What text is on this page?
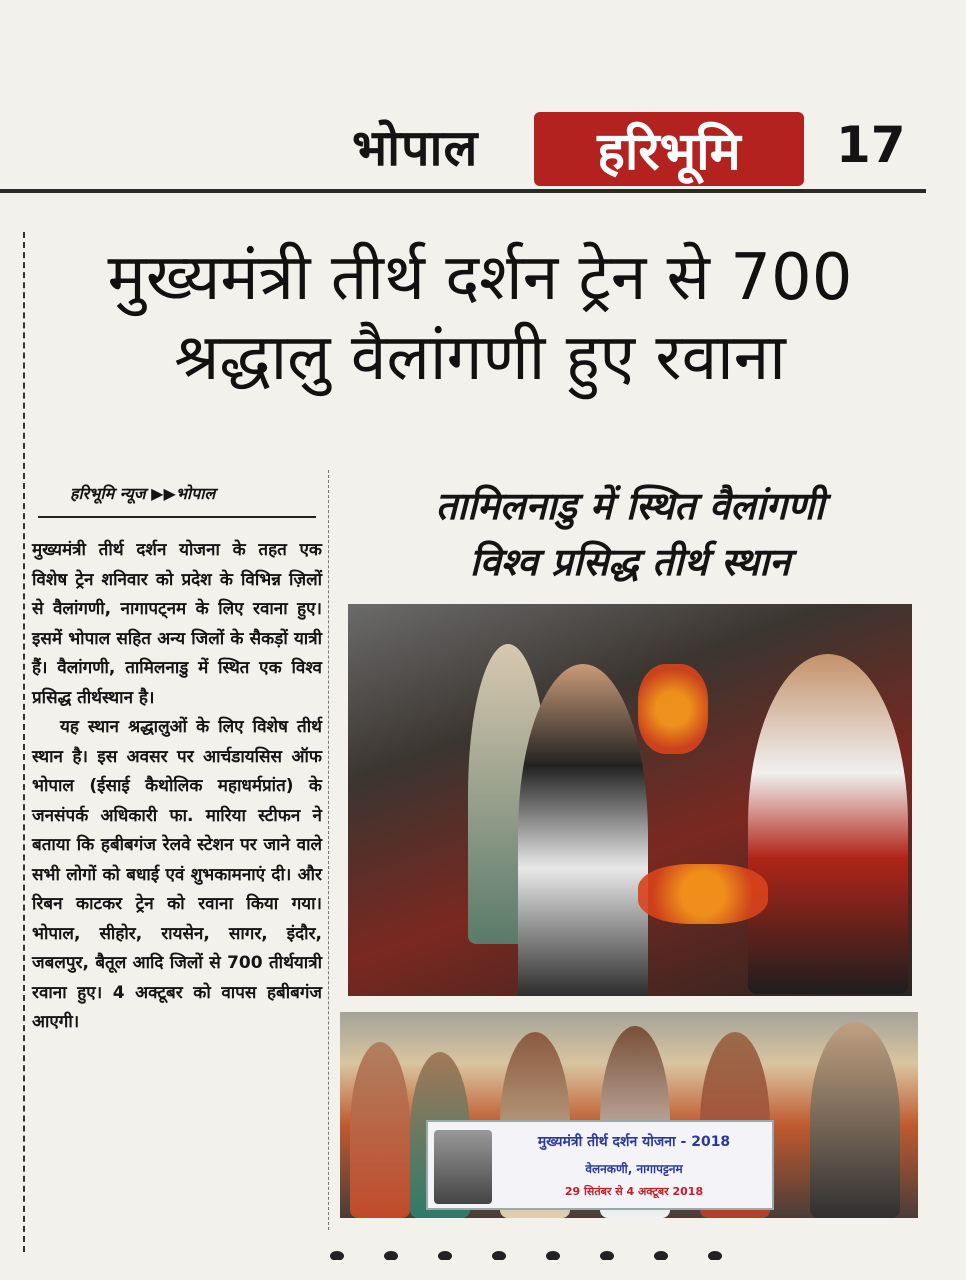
भोपाल	हरिभूमि	17
मुख्यमंत्री तीर्थ दर्शन ट्रेन से 700
श्रद्धालु वैलांगणी हुए रवाना
हरिभूमि न्यूज ▶▶भोपाल

मुख्यमंत्री तीर्थ दर्शन योजना के तहत एक विशेष ट्रेन शनिवार को प्रदेश के विभिन्न ज़िलों से वैलांगणी, नागापट्नम के लिए रवाना हुए। इसमें भोपाल सहित अन्य जिलों के सैकड़ों यात्री हैं। वैलांगणी, तामिलनाडु में स्थित एक विश्व प्रसिद्ध तीर्थस्थान है।

यह स्थान श्रद्धालुओं के लिए विशेष तीर्थ स्थान है। इस अवसर पर आर्चडायसिस ऑफ भोपाल (ईसाई कैथोलिक महाधर्मप्रांत) के जनसंपर्क अधिकारी फा. मारिया स्टीफन ने बताया कि हबीबगंज रेलवे स्टेशन पर जाने वाले सभी लोगों को बधाई एवं शुभकामनाएं दी। और रिबन काटकर ट्रेन को रवाना किया गया। भोपाल, सीहोर, रायसेन, सागर, इंदौर, जबलपुर, बैतूल आदि जिलों से 700 तीर्थयात्री रवाना हुए। 4 अक्टूबर को वापस हबीबगंज आएगी।

तामिलनाडु में स्थित वैलांगणी
विश्व प्रसिद्ध तीर्थ स्थान
मुख्यमंत्री तीर्थ दर्शन योजना - 2018
वेलनकणी, नागापट्टनम
29 सितंबर से 4 अक्टूबर 2018
